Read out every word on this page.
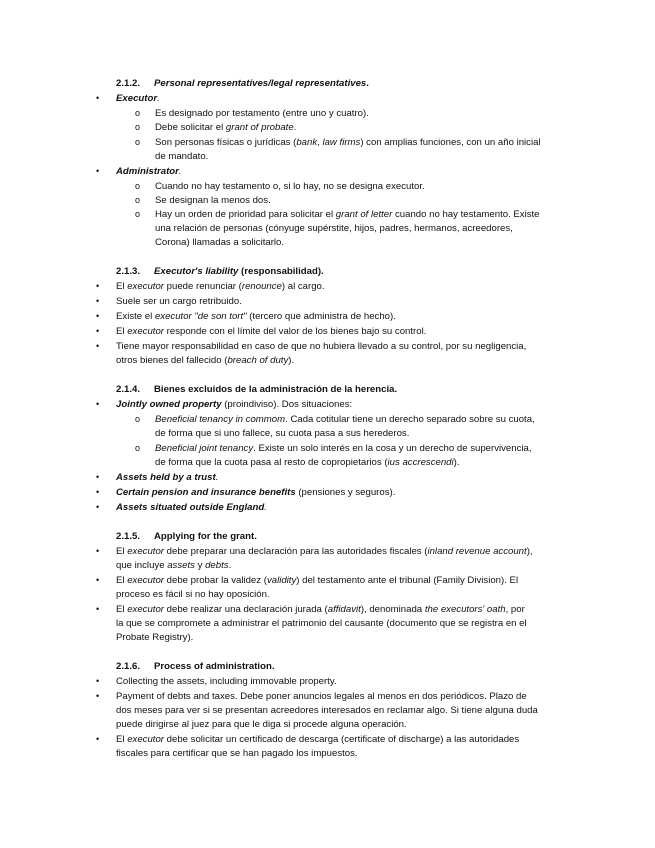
2.1.2. Personal representatives/legal representatives.
• Executor.
o Es designado por testamento (entre uno y cuatro).
o Debe solicitar el grant of probate.
o Son personas físicas o jurídicas (bank, law firms) con amplias funciones, con un año inicial
de mandato.
• Administrator.
o Cuando no hay testamento o, si lo hay, no se designa executor.
o Se designan la menos dos.
o Hay un orden de prioridad para solicitar el grant of letter cuando no hay testamento. Existe
una relación de personas (cónyuge supérstite, hijos, padres, hermanos, acreedores,
Corona) llamadas a solicitarlo.
2.1.3. Executor's liability (responsabilidad).
• El executor puede renunciar (renounce) al cargo.
• Suele ser un cargo retribuido.
• Existe el executor "de son tort" (tercero que administra de hecho).
• El executor responde con el límite del valor de los bienes bajo su control.
• Tiene mayor responsabilidad en caso de que no hubiera llevado a su control, por su negligencia,
otros bienes del fallecido (breach of duty).
2.1.4. Bienes excluidos de la administración de la herencia.
• Jointly owned property (proindiviso). Dos situaciones:
o Beneficial tenancy in commom. Cada cotitular tiene un derecho separado sobre su cuota,
de forma que si uno fallece, su cuota pasa a sus herederos.
o Beneficial joint tenancy. Existe un solo interés en la cosa y un derecho de supervivencia,
de forma que la cuota pasa al resto de copropietarios (ius accrescendi).
• Assets held by a trust.
• Certain pension and insurance benefits (pensiones y seguros).
• Assets situated outside England.
2.1.5. Applying for the grant.
• El executor debe preparar una declaración para las autoridades fiscales (inland revenue account),
que incluye assets y debts.
• El executor debe probar la validez (validity) del testamento ante el tribunal (Family Division). El
proceso es fácil si no hay oposición.
• El executor debe realizar una declaración jurada (affidavit), denominada the executors' oath, por
la que se compromete a administrar el patrimonio del causante (documento que se registra en el
Probate Registry).
2.1.6. Process of administration.
• Collecting the assets, including immovable property.
• Payment of debts and taxes. Debe poner anuncios legales al menos en dos periódicos. Plazo de
dos meses para ver si se presentan acreedores interesados en reclamar algo. Si tiene alguna duda
puede dirigirse al juez para que le diga si procede alguna operación.
• El executor debe solicitar un certificado de descarga (certificate of discharge) a las autoridades
fiscales para certificar que se han pagado los impuestos.
